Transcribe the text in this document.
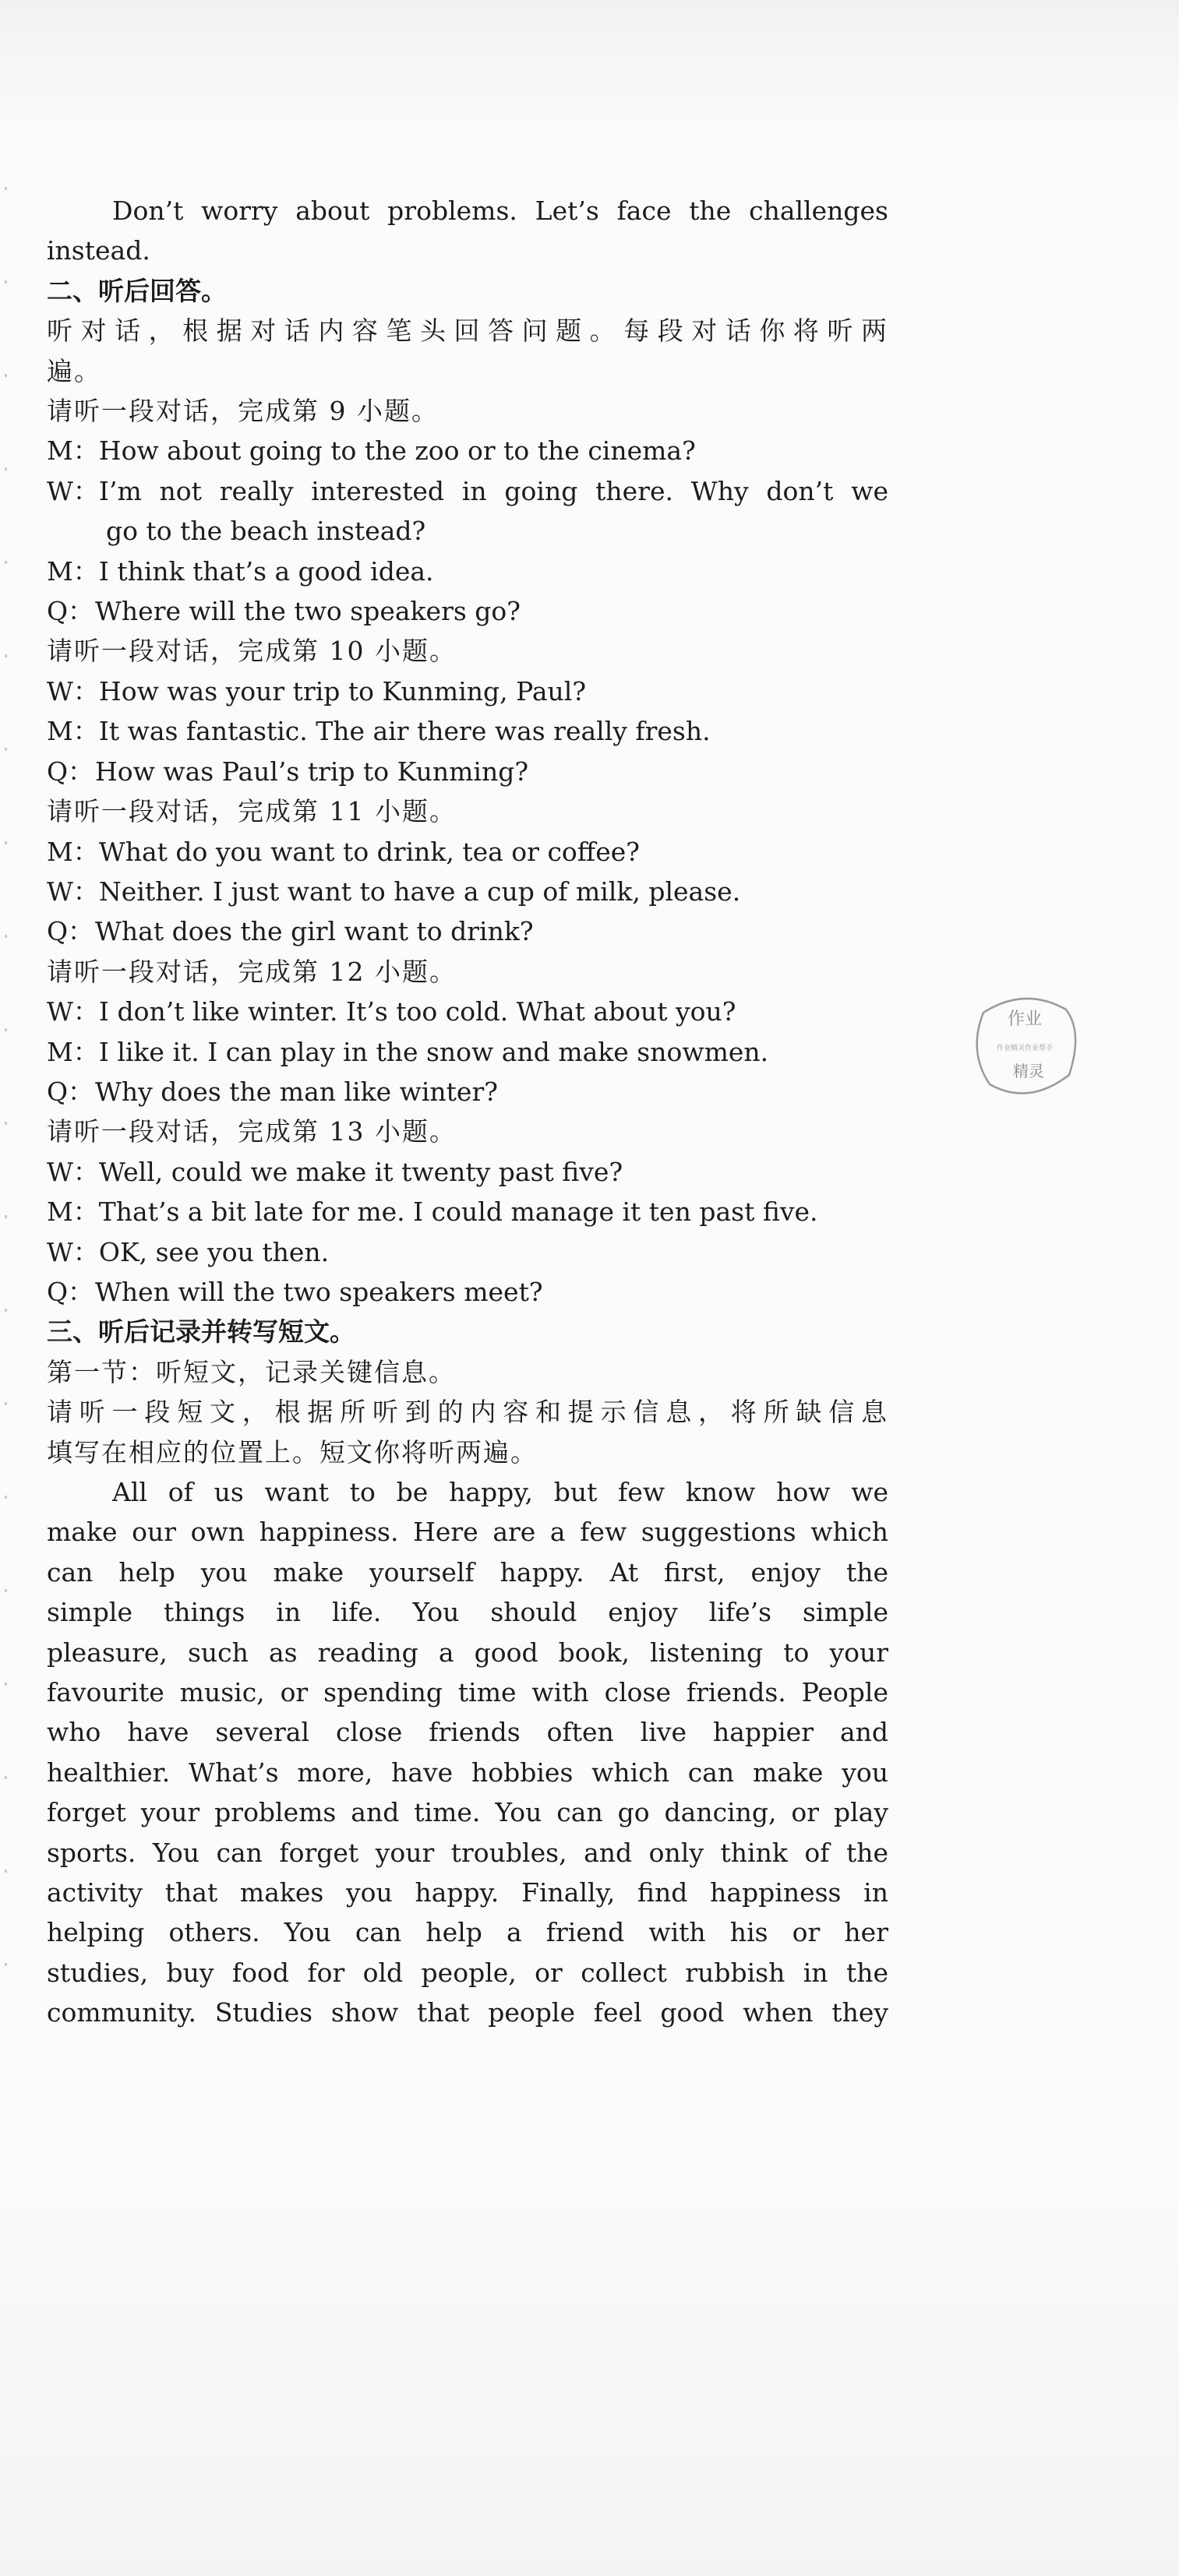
Don’t worry about problems. Let’s face the challenges
instead.
二、听后回答。
听对话，根据对话内容笔头回答问题。每段对话你将听两
遍。
请听一段对话，完成第 9 小题。
M：How about going to the zoo or to the cinema?
W：I’m not really interested in going there. Why don’t we
go to the beach instead?
M：I think that’s a good idea.
Q：Where will the two speakers go?
请听一段对话，完成第 10 小题。
W：How was your trip to Kunming, Paul?
M：It was fantastic. The air there was really fresh.
Q：How was Paul’s trip to Kunming?
请听一段对话，完成第 11 小题。
M：What do you want to drink, tea or coffee?
W：Neither. I just want to have a cup of milk, please.
Q：What does the girl want to drink?
请听一段对话，完成第 12 小题。
W：I don’t like winter. It’s too cold. What about you?
M：I like it. I can play in the snow and make snowmen.
Q：Why does the man like winter?
请听一段对话，完成第 13 小题。
W：Well, could we make it twenty past five?
M：That’s a bit late for me. I could manage it ten past five.
W：OK, see you then.
Q：When will the two speakers meet?
三、听后记录并转写短文。
第一节：听短文，记录关键信息。
请听一段短文，根据所听到的内容和提示信息，将所缺信息
填写在相应的位置上。短文你将听两遍。
All of us want to be happy, but few know how we
make our own happiness. Here are a few suggestions which
can help you make yourself happy. At first, enjoy the
simple things in life. You should enjoy life’s simple
pleasure, such as reading a good book, listening to your
favourite music, or spending time with close friends. People
who have several close friends often live happier and
healthier. What’s more, have hobbies which can make you
forget your problems and time. You can go dancing, or play
sports. You can forget your troubles, and only think of the
activity that makes you happy. Finally, find happiness in
helping others. You can help a friend with his or her
studies, buy food for old people, or collect rubbish in the
community. Studies show that people feel good when they
作业
作业精灵作业帮手
精灵
